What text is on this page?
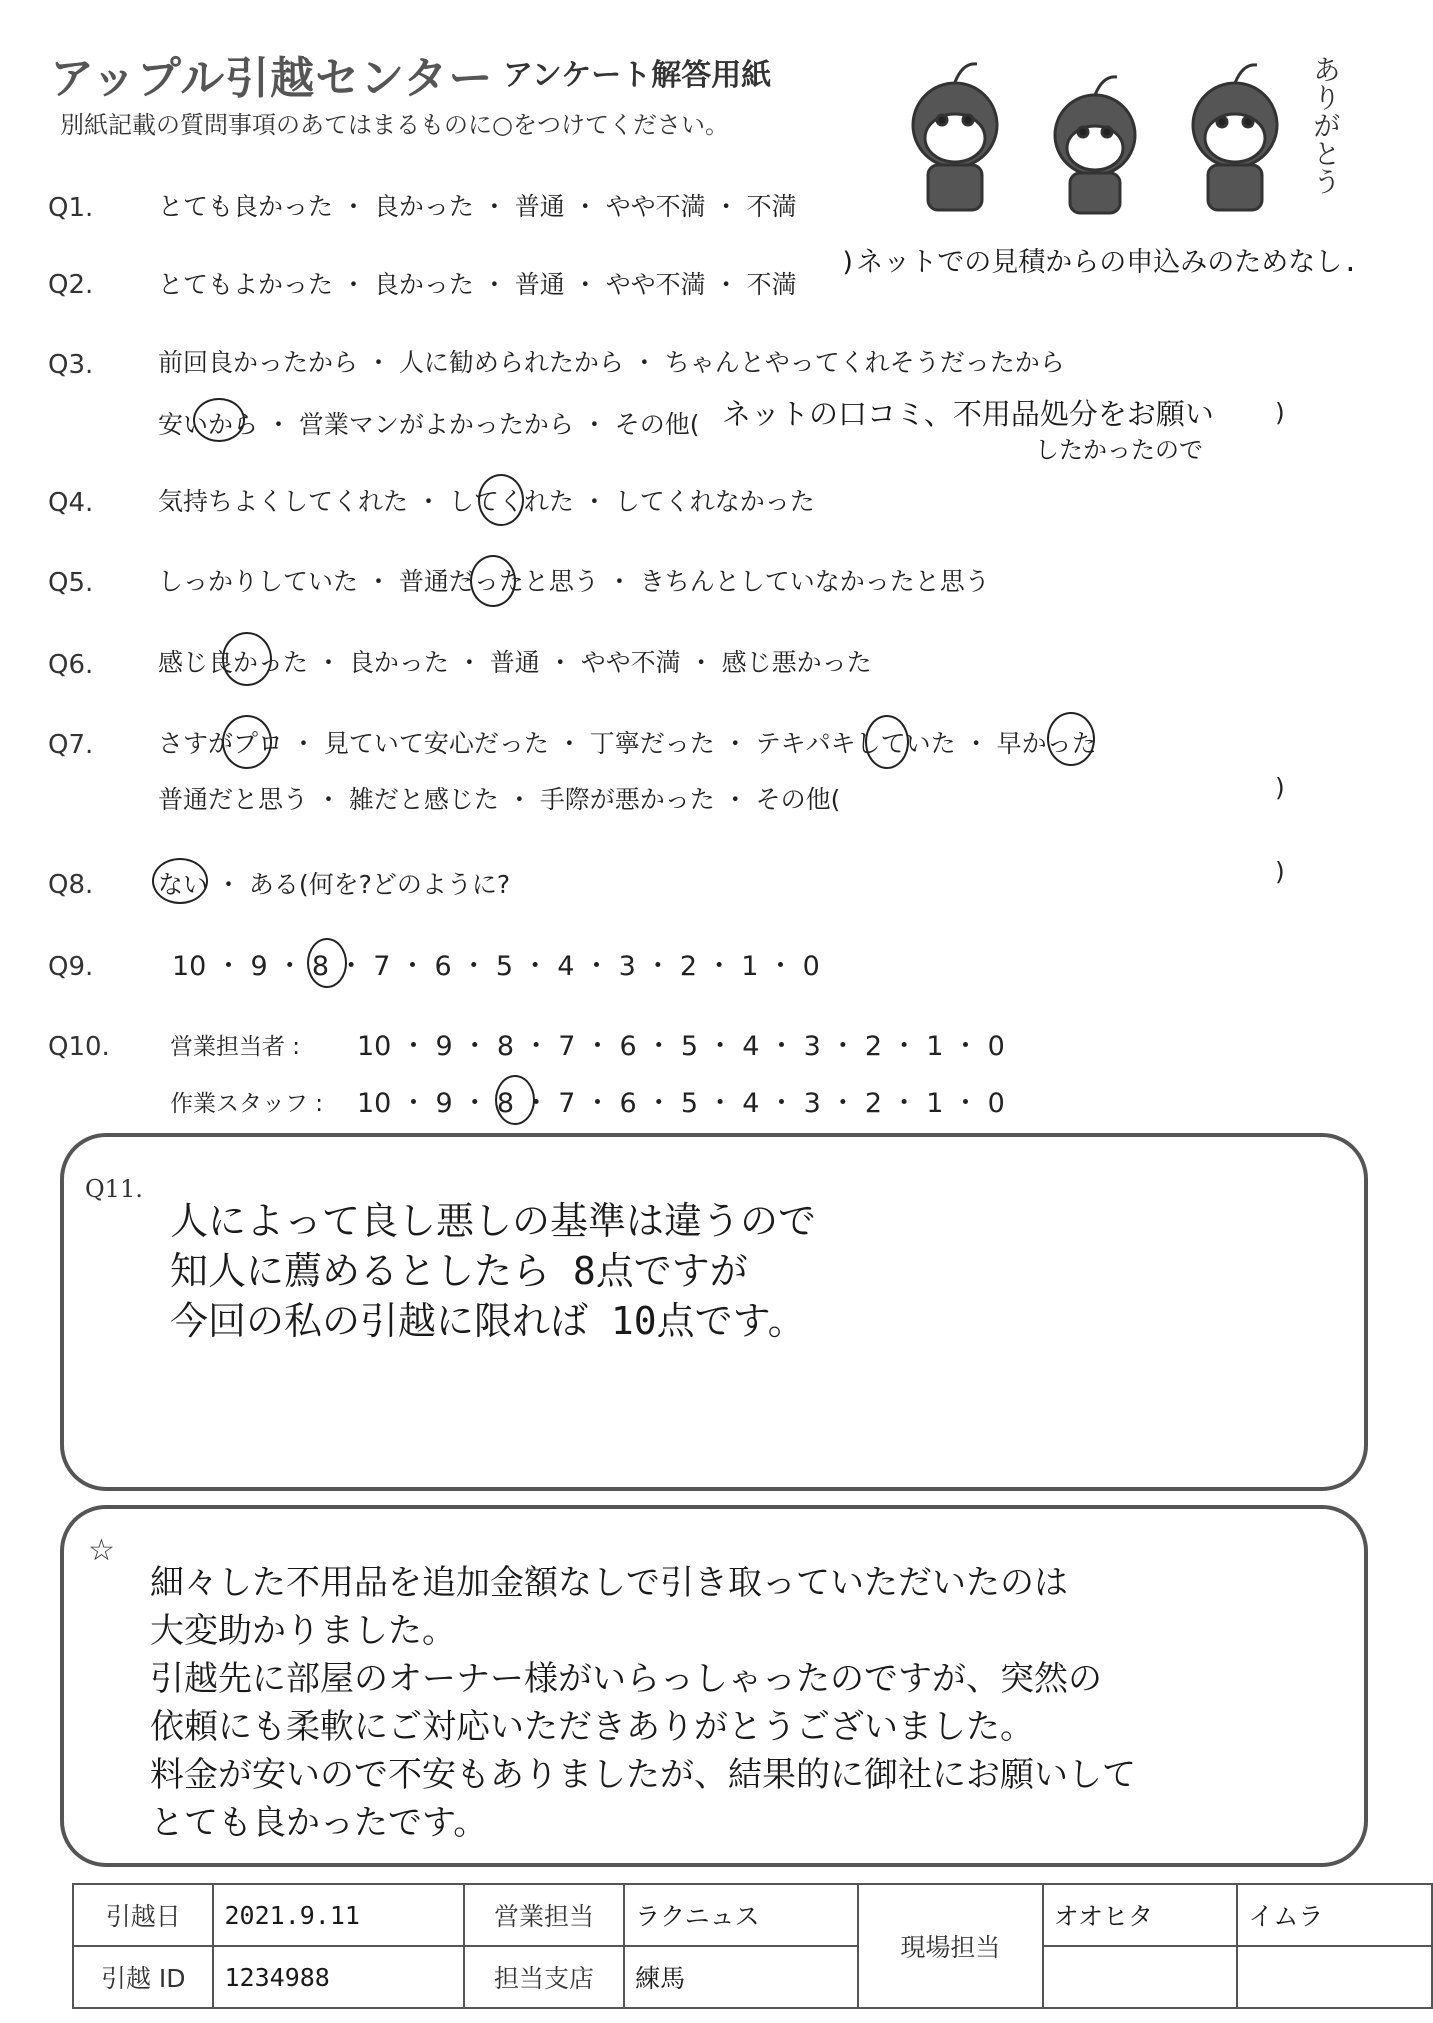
アップル引越センター アンケート解答用紙
別紙記載の質問事項のあてはまるものに○をつけてください。	ありがとう
Q1.	とても良かった ・ 良かった ・ 普通 ・ やや不満 ・ 不満
Q2.	とてもよかった ・ 良かった ・ 普通 ・ やや不満 ・ 不満
)ネットでの見積からの申込みのためなし.
Q3.	前回良かったから ・ 人に勧められたから ・ ちゃんとやってくれそうだったから
安いから ・ 営業マンがよかったから ・ その他( ネットの口コミ、不用品処分をお願い
したかったので
)
Q4.	気持ちよくしてくれた ・ してくれた ・ してくれなかった
Q5.	しっかりしていた ・ 普通だったと思う ・ きちんとしていなかったと思う
Q6.	感じ良かった ・ 良かった ・ 普通 ・ やや不満 ・ 感じ悪かった
Q7.	さすがプロ ・ 見ていて安心だった ・ 丁寧だった ・ テキパキしていた ・ 早かった
普通だと思う ・ 雑だと感じた ・ 手際が悪かった ・ その他(	)
Q8.	ない ・ ある(何を?どのように?	)
Q9.	10 ・ 9 ・ 8 ・ 7 ・ 6 ・ 5 ・ 4 ・ 3 ・ 2 ・ 1 ・ 0
Q10.	営業担当者 : 10 ・ 9 ・ 8 ・ 7 ・ 6 ・ 5 ・ 4 ・ 3 ・ 2 ・ 1 ・ 0
作業スタッフ : 10 ・ 9 ・ 8 ・ 7 ・ 6 ・ 5 ・ 4 ・ 3 ・ 2 ・ 1 ・ 0
Q11.
人によって良し悪しの基準は違うので
知人に薦めるとしたら 8点ですが
今回の私の引越に限れば 10点です。
☆
細々した不用品を追加金額なしで引き取っていただいたのは
大変助かりました。
引越先に部屋のオーナー様がいらっしゃったのですが、突然の
依頼にも柔軟にご対応いただきありがとうございました。
料金が安いので不安もありましたが、結果的に御社にお願いして
とても良かったです。
引越日	2021.9.11	営業担当	ラクニュス	現場担当	オオヒタ	イムラ
引越 ID	1234988	担当支店	練馬			
